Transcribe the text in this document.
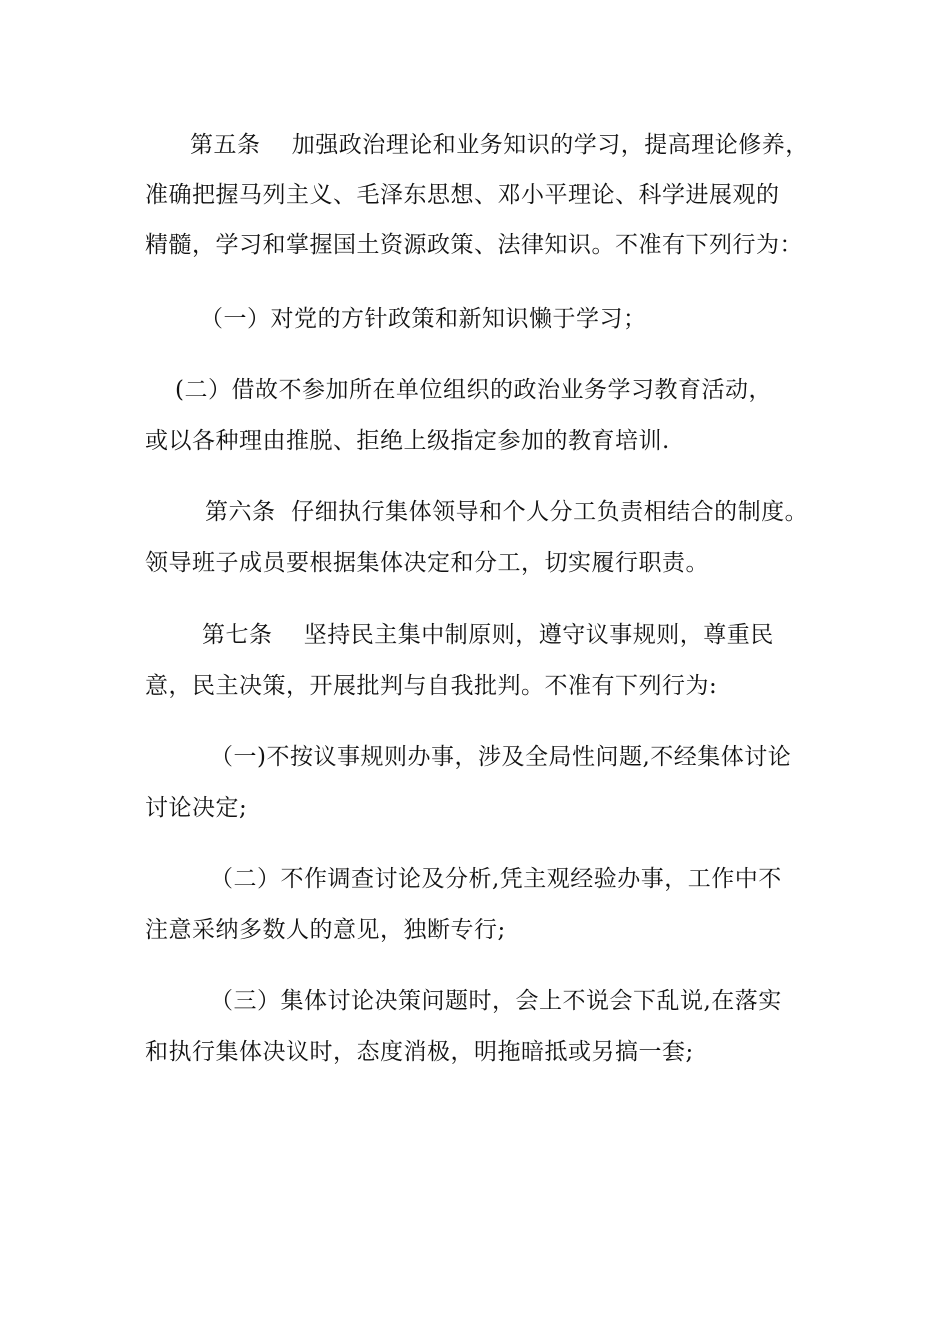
第五条　 加强政治理论和业务知识的学习，提高理论修养，
准确把握马列主义、毛泽东思想、邓小平理论、科学进展观的
精髓，学习和掌握国土资源政策、法律知识。不准有下列行为：
（一）对党的方针政策和新知识懒于学习；
(二）借故不参加所在单位组织的政治业务学习教育活动，
或以各种理由推脱、拒绝上级指定参加的教育培训.
第六条  仔细执行集体领导和个人分工负责相结合的制度。
领导班子成员要根据集体决定和分工，切实履行职责。
第七条　 坚持民主集中制原则，遵守议事规则，尊重民
意，民主决策，开展批判与自我批判。不准有下列行为:
（一)不按议事规则办事，涉及全局性问题,不经集体讨论
讨论决定;
（二）不作调查讨论及分析,凭主观经验办事，工作中不
注意采纳多数人的意见，独断专行;
（三）集体讨论决策问题时，会上不说会下乱说,在落实
和执行集体决议时，态度消极，明拖暗抵或另搞一套;
